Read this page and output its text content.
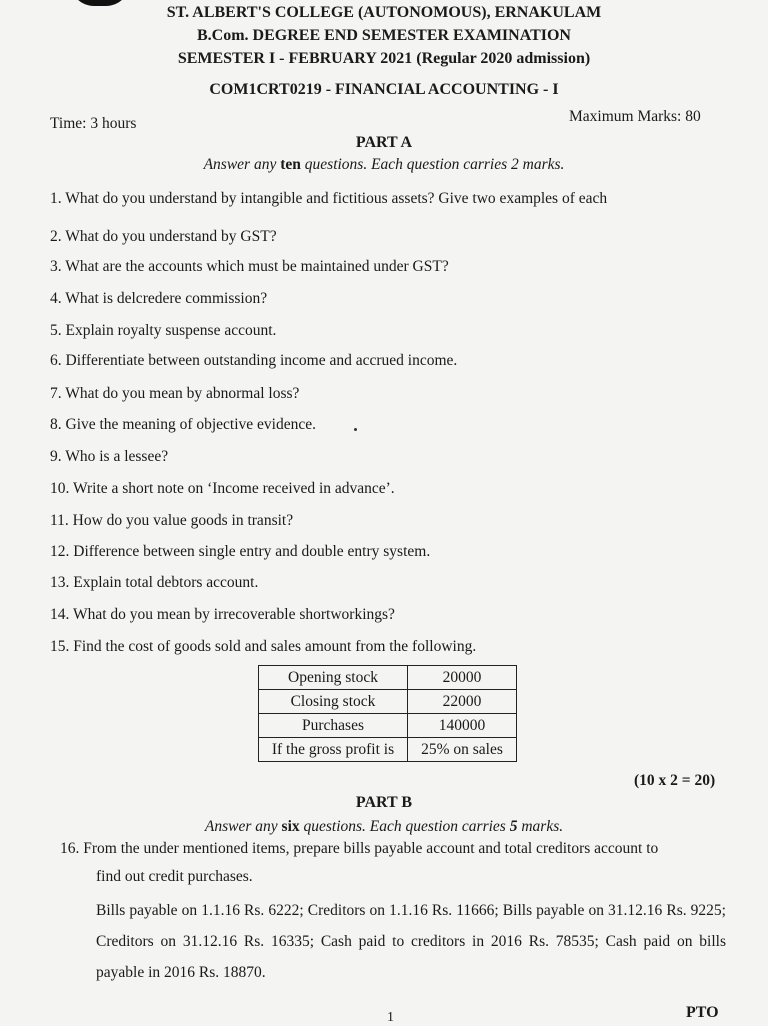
ST. ALBERT'S COLLEGE (AUTONOMOUS), ERNAKULAM
B.Com. DEGREE END SEMESTER EXAMINATION
SEMESTER I - FEBRUARY 2021 (Regular 2020 admission)
COM1CRT0219 - FINANCIAL ACCOUNTING - I
Time: 3 hours	Maximum Marks: 80
PART A
Answer any ten questions. Each question carries 2 marks.
1. What do you understand by intangible and fictitious assets? Give two examples of each
2. What do you understand by GST?
3. What are the accounts which must be maintained under GST?
4. What is delcredere commission?
5. Explain royalty suspense account.
6. Differentiate between outstanding income and accrued income.
7. What do you mean by abnormal loss?
8. Give the meaning of objective evidence.
9. Who is a lessee?
10. Write a short note on ‘Income received in advance’.
11. How do you value goods in transit?
12. Difference between single entry and double entry system.
13. Explain total debtors account.
14. What do you mean by irrecoverable shortworkings?
15. Find the cost of goods sold and sales amount from the following.
Opening stock	20000
Closing stock	22000
Purchases	140000
If the gross profit is	25% on sales
(10 x 2 = 20)
PART B
Answer any six questions. Each question carries 5 marks.
16. From the under mentioned items, prepare bills payable account and total creditors account to
find out credit purchases.
Bills payable on 1.1.16 Rs. 6222; Creditors on 1.1.16 Rs. 11666; Bills payable on 31.12.16 Rs. 9225; Creditors on 31.12.16 Rs. 16335; Cash paid to creditors in 2016 Rs. 78535; Cash paid on bills payable in 2016 Rs. 18870.
1	PTO
